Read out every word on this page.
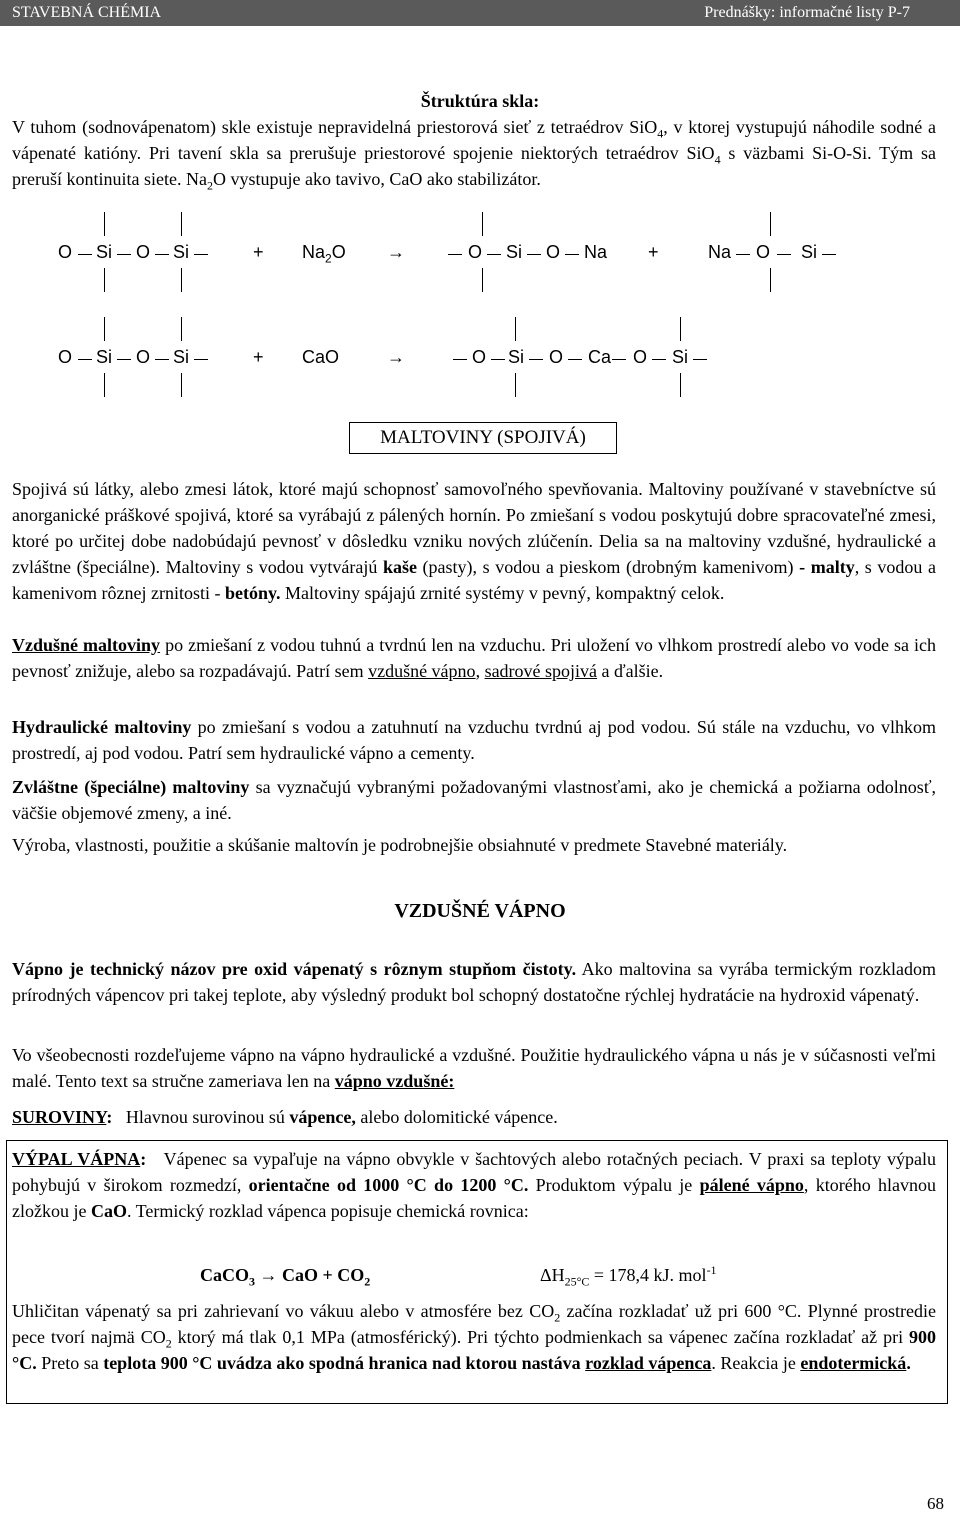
STAVEBNÁ CHÉMIA	Prednášky: informačné listy P-7
Štruktúra skla:
V tuhom (sodnovápenatom) skle existuje nepravidelná priestorová sieť z tetraédrov SiO$_4$, v ktorej vystupujú náhodile sodné a vápenaté katióny. Pri tavení skla sa prerušuje priestorové spojenie niektorých tetraédrov SiO$_4$ s väzbami Si-O-Si. Tým sa preruší kontinuita siete. $Na_2O$ vystupuje ako tavivo, CaO ako stabilizátor.
O Si O Si	+ $Na_2O$ →	O Si O Na +	Na O Si
O Si O Si	+ CaO	→	O Si O Ca O Si
MALTOVINY (SPOJIVÁ)
Spojivá sú látky, alebo zmesi látok, ktoré majú schopnosť samovoľného spevňovania. Maltoviny používané v stavebníctve sú anorganické práškové spojivá, ktoré sa vyrábajú z pálených hornín. Po zmiešaní s vodou poskytujú dobre spracovateľné zmesi, ktoré po určitej dobe nadobúdajú pevnosť v dôsledku vzniku nových zlúčenín. Delia sa na maltoviny vzdušné, hydraulické a zvláštne (špeciálne). Maltoviny s vodou vytvárajú kaše (pasty), s vodou a pieskom (drobným kamenivom) - malty, s vodou a kamenivom rôznej zrnitosti - betóny. Maltoviny spájajú zrnité systémy v pevný, kompaktný celok.
Vzdušné maltoviny po zmiešaní z vodou tuhnú a tvrdnú len na vzduchu. Pri uložení vo vlhkom prostredí alebo vo vode sa ich pevnosť znižuje, alebo sa rozpadávajú. Patrí sem vzdušné vápno, sadrové spojivá a ďalšie.
Hydraulické maltoviny po zmiešaní s vodou a zatuhnutí na vzduchu tvrdnú aj pod vodou. Sú stále na vzduchu, vo vlhkom prostredí, aj pod vodou. Patrí sem hydraulické vápno a cementy.
Zvláštne (špeciálne) maltoviny sa vyznačujú vybranými požadovanými vlastnosťami, ako je chemická a požiarna odolnosť, väčšie objemové zmeny, a iné.
Výroba, vlastnosti, použitie a skúšanie maltovín je podrobnejšie obsiahnuté v predmete Stavebné materiály.
VZDUŠNÉ VÁPNO
Vápno je technický názov pre oxid vápenatý s rôznym stupňom čistoty. Ako maltovina sa vyrába termickým rozkladom prírodných vápencov pri takej teplote, aby výsledný produkt bol schopný dostatočne rýchlej hydratácie na hydroxid vápenatý.
Vo všeobecnosti rozdeľujeme vápno na vápno hydraulické a vzdušné. Použitie hydraulického vápna u nás je v súčasnosti veľmi malé. Tento text sa stručne zameriava len na vápno vzdušné:
SUROVINY:   Hlavnou surovinou sú vápence, alebo dolomitické vápence.
VÝPAL VÁPNA:   Vápenec sa vypaľuje na vápno obvykle v šachtových alebo rotačných peciach. V praxi sa teploty výpalu pohybujú v širokom rozmedzí, orientačne od 1000 °C do 1200 °C. Produktom výpalu je pálené vápno, ktorého hlavnou zložkou je CaO. Termický rozklad vápenca popisuje chemická rovnica:
CaCO$_3$ → CaO + $CO_2$	$\Delta H_{25^\circ C} = 178,4$ kJ. mol$^{-1}$
Uhličitan vápenatý sa pri zahrievaní vo vákuu alebo v atmosfére bez $CO_2$ začína rozkladať už pri 600 °C. Plynné prostredie pece tvorí najmä $CO_2$ ktorý má tlak 0,1 MPa (atmosférický). Pri týchto podmienkach sa vápenec začína rozkladať až pri 900 °C. Preto sa teplota 900 °C uvádza ako spodná hranica nad ktorou nastáva rozklad vápenca. Reakcia je endotermická.
68
